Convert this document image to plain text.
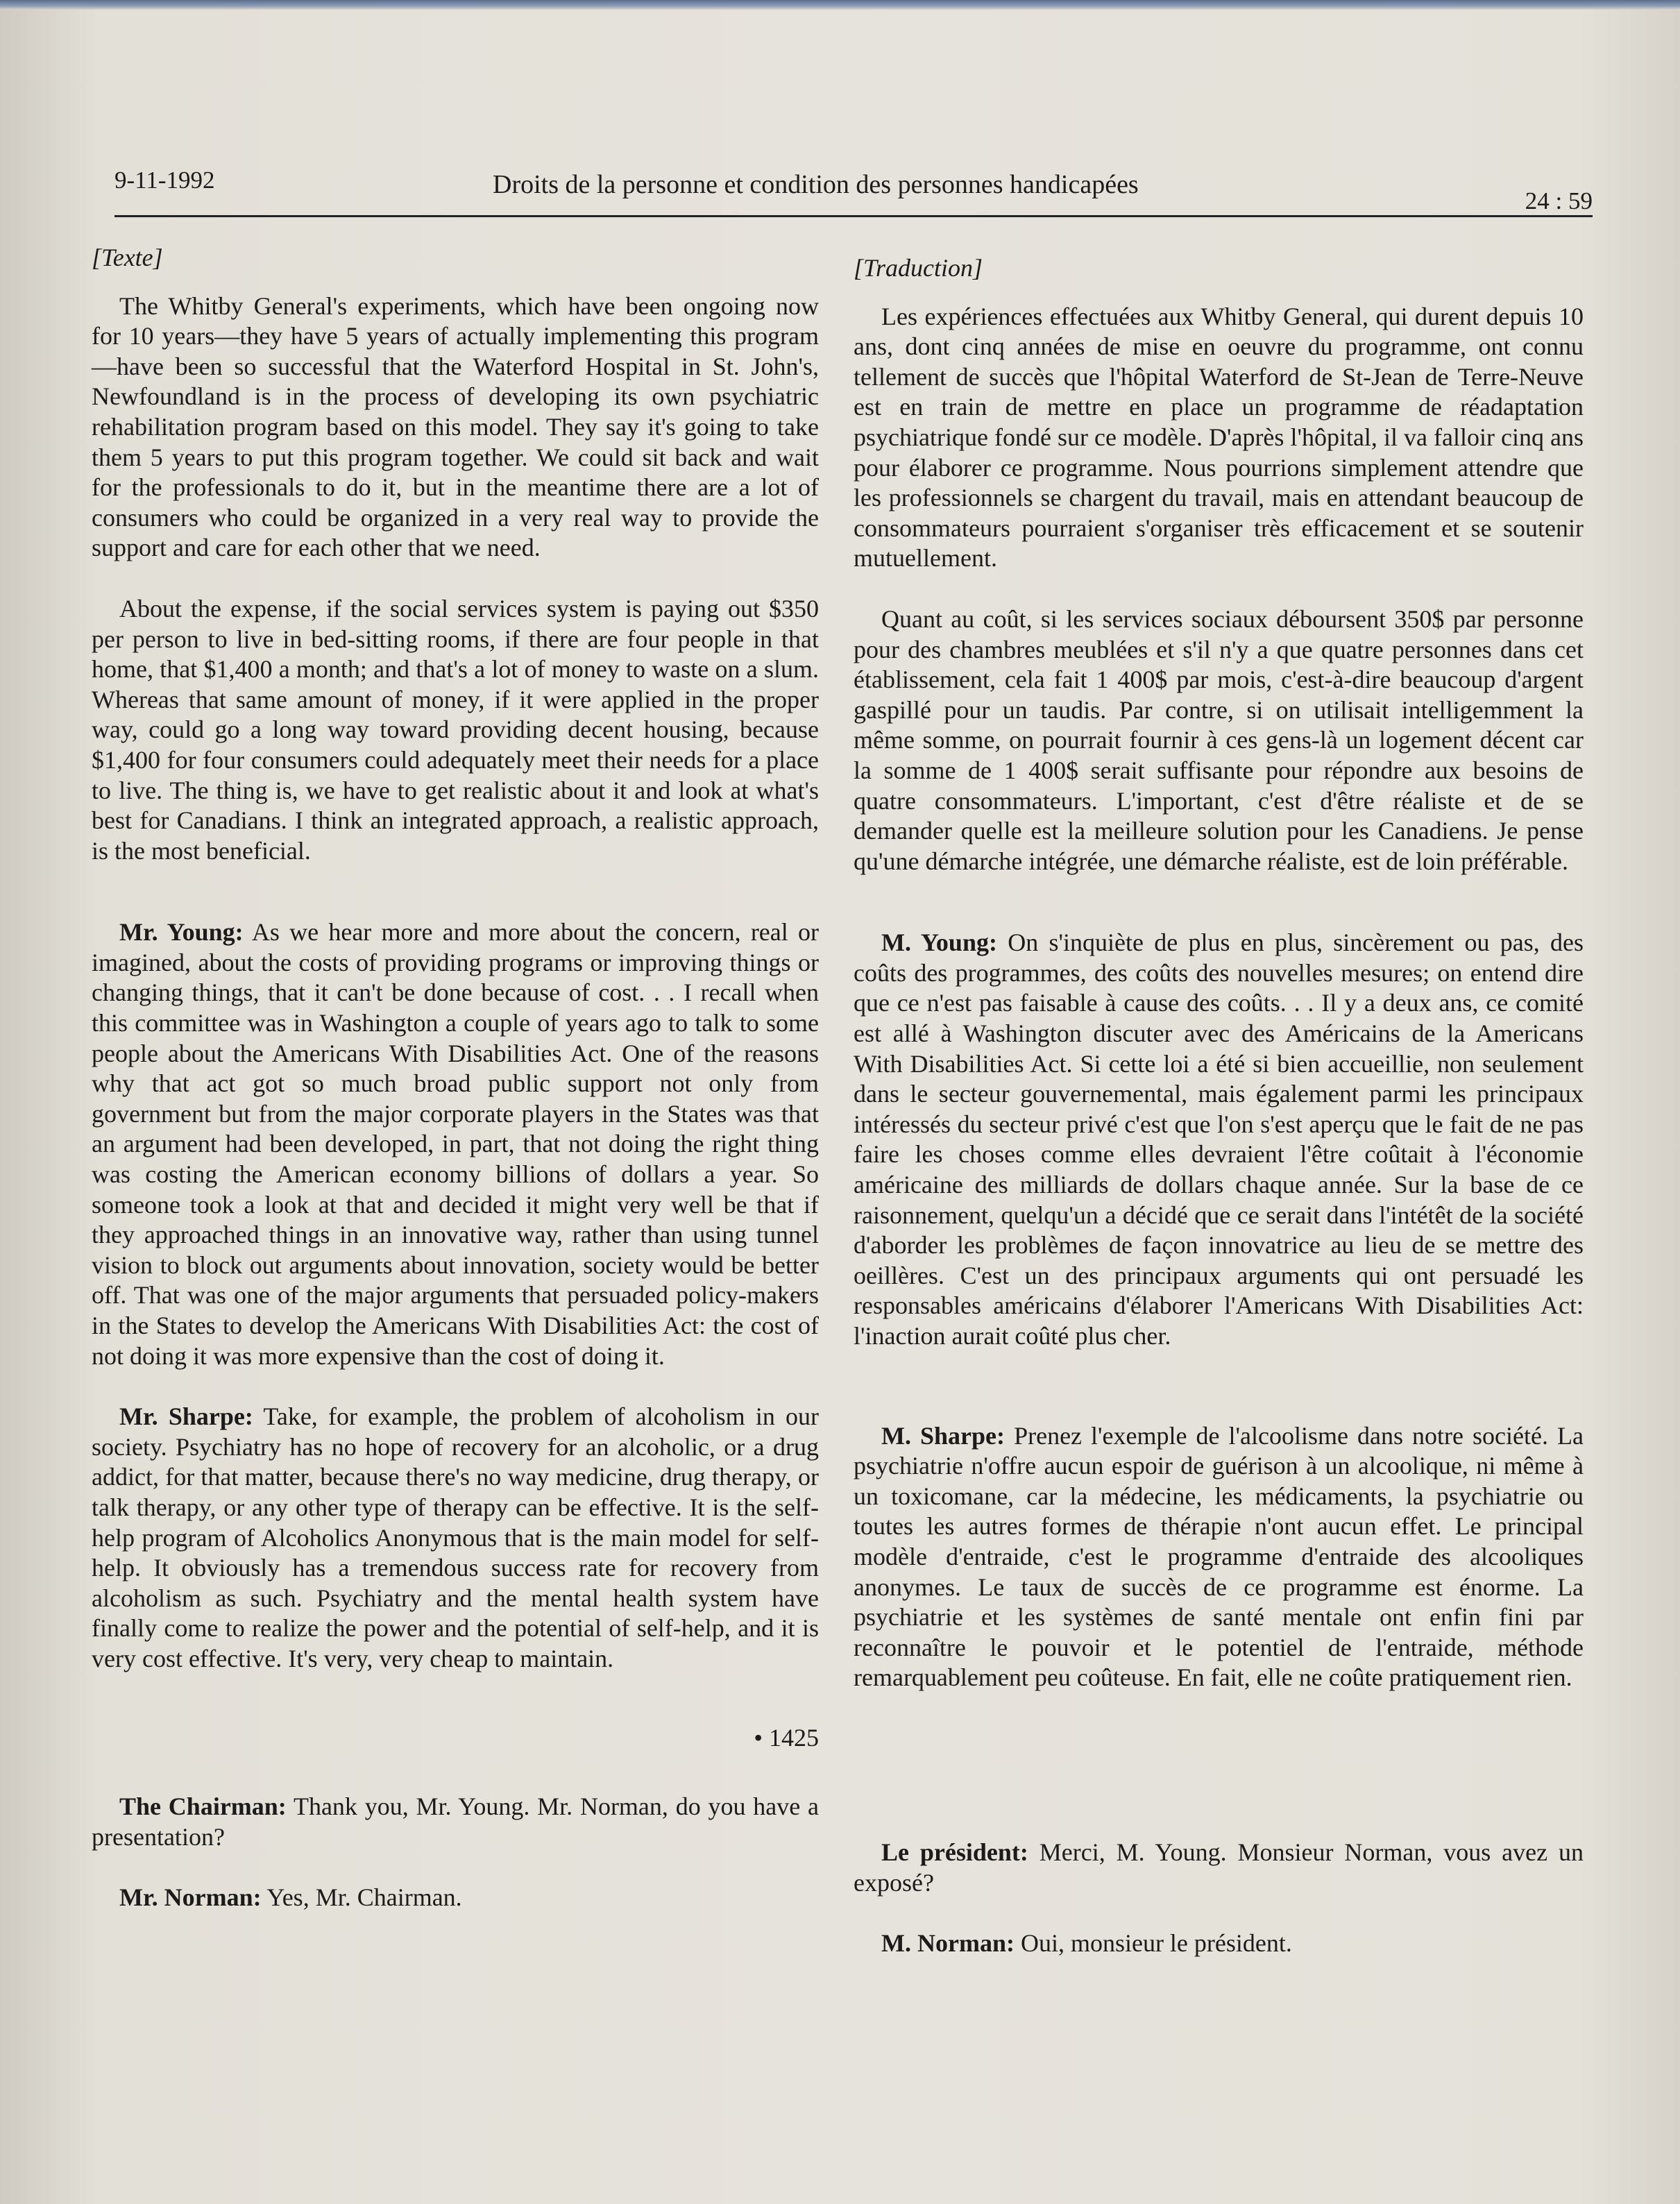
9-11-1992	Droits de la personne et condition des personnes handicapées
24 : 59

[Texte]

The Whitby General's experiments, which have been ongoing now for 10 years—they have 5 years of actually implementing this program—have been so successful that the Waterford Hospital in St. John's, Newfoundland is in the process of developing its own psychiatric rehabilitation program based on this model. They say it's going to take them 5 years to put this program together. We could sit back and wait for the professionals to do it, but in the meantime there are a lot of consumers who could be organized in a very real way to provide the support and care for each other that we need.

About the expense, if the social services system is paying out $350 per person to live in bed-sitting rooms, if there are four people in that home, that $1,400 a month; and that's a lot of money to waste on a slum. Whereas that same amount of money, if it were applied in the proper way, could go a long way toward providing decent housing, because $1,400 for four consumers could adequately meet their needs for a place to live. The thing is, we have to get realistic about it and look at what's best for Canadians. I think an integrated approach, a realistic approach, is the most beneficial.

Mr. Young: As we hear more and more about the concern, real or imagined, about the costs of providing programs or improving things or changing things, that it can't be done because of cost. . . I recall when this committee was in Washington a couple of years ago to talk to some people about the Americans With Disabilities Act. One of the reasons why that act got so much broad public support not only from government but from the major corporate players in the States was that an argument had been developed, in part, that not doing the right thing was costing the American economy billions of dollars a year. So someone took a look at that and decided it might very well be that if they approached things in an innovative way, rather than using tunnel vision to block out arguments about innovation, society would be better off. That was one of the major arguments that persuaded policy-makers in the States to develop the Americans With Disabilities Act: the cost of not doing it was more expensive than the cost of doing it.

Mr. Sharpe: Take, for example, the problem of alcoholism in our society. Psychiatry has no hope of recovery for an alcoholic, or a drug addict, for that matter, because there's no way medicine, drug therapy, or talk therapy, or any other type of therapy can be effective. It is the self-help program of Alcoholics Anonymous that is the main model for self-help. It obviously has a tremendous success rate for recovery from alcoholism as such. Psychiatry and the mental health system have finally come to realize the power and the potential of self-help, and it is very cost effective. It's very, very cheap to maintain.

• 1425

The Chairman: Thank you, Mr. Young. Mr. Norman, do you have a presentation?

Mr. Norman: Yes, Mr. Chairman.

[Traduction]

Les expériences effectuées aux Whitby General, qui durent depuis 10 ans, dont cinq années de mise en oeuvre du programme, ont connu tellement de succès que l'hôpital Waterford de St-Jean de Terre-Neuve est en train de mettre en place un programme de réadaptation psychiatrique fondé sur ce modèle. D'après l'hôpital, il va falloir cinq ans pour élaborer ce programme. Nous pourrions simplement attendre que les professionnels se chargent du travail, mais en attendant beaucoup de consommateurs pourraient s'organiser très efficacement et se soutenir mutuellement.

Quant au coût, si les services sociaux déboursent 350$ par personne pour des chambres meublées et s'il n'y a que quatre personnes dans cet établissement, cela fait 1 400$ par mois, c'est-à-dire beaucoup d'argent gaspillé pour un taudis. Par contre, si on utilisait intelligemment la même somme, on pourrait fournir à ces gens-là un logement décent car la somme de 1 400$ serait suffisante pour répondre aux besoins de quatre consommateurs. L'important, c'est d'être réaliste et de se demander quelle est la meilleure solution pour les Canadiens. Je pense qu'une démarche intégrée, une démarche réaliste, est de loin préférable.

M. Young: On s'inquiète de plus en plus, sincèrement ou pas, des coûts des programmes, des coûts des nouvelles mesures; on entend dire que ce n'est pas faisable à cause des coûts. . . Il y a deux ans, ce comité est allé à Washington discuter avec des Américains de la Americans With Disabilities Act. Si cette loi a été si bien accueillie, non seulement dans le secteur gouvernemental, mais également parmi les principaux intéressés du secteur privé c'est que l'on s'est aperçu que le fait de ne pas faire les choses comme elles devraient l'être coûtait à l'économie américaine des milliards de dollars chaque année. Sur la base de ce raisonnement, quelqu'un a décidé que ce serait dans l'intétêt de la société d'aborder les problèmes de façon innovatrice au lieu de se mettre des oeillères. C'est un des principaux arguments qui ont persuadé les responsables américains d'élaborer l'Americans With Disabilities Act: l'inaction aurait coûté plus cher.

M. Sharpe: Prenez l'exemple de l'alcoolisme dans notre société. La psychiatrie n'offre aucun espoir de guérison à un alcoolique, ni même à un toxicomane, car la médecine, les médicaments, la psychiatrie ou toutes les autres formes de thérapie n'ont aucun effet. Le principal modèle d'entraide, c'est le programme d'entraide des alcooliques anonymes. Le taux de succès de ce programme est énorme. La psychiatrie et les systèmes de santé mentale ont enfin fini par reconnaître le pouvoir et le potentiel de l'entraide, méthode remarquablement peu coûteuse. En fait, elle ne coûte pratiquement rien.

Le président: Merci, M. Young. Monsieur Norman, vous avez un exposé?

M. Norman: Oui, monsieur le président.
